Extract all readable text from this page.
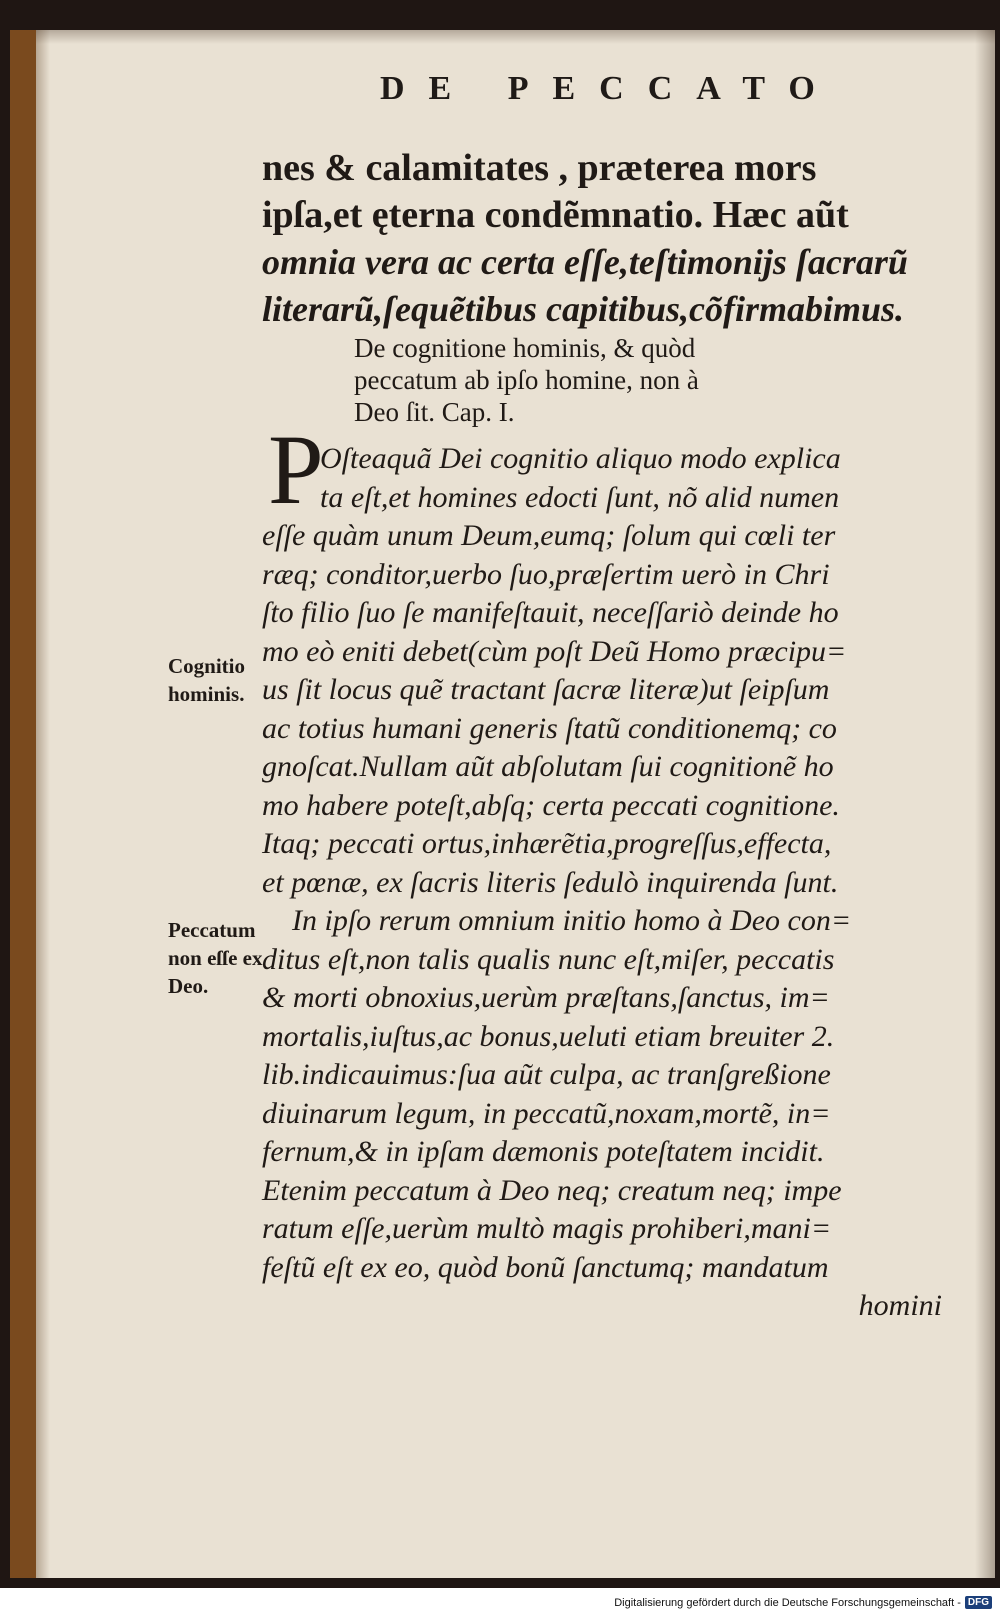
DE PECCATO
nes & calamitates , præterea mors
ipſa,et ęterna condẽmnatio. Hæc aũt
omnia vera ac certa eſſe,teſtimonijs ſacrarũ
literarũ,ſequẽtibus capitibus,cõfirmabimus.
De cognitione hominis, & quòd
peccatum ab ipſo homine, non à
Deo ſit. Cap. I.
P
Oſteaquã Dei cognitio aliquo modo explica
ta eſt,et homines edocti ſunt, nõ alid numen
eſſe quàm unum Deum,eumq; ſolum qui cœli ter
ræq; conditor,uerbo ſuo,præſertim uerò in Chri
ſto filio ſuo ſe manifeſtauit, neceſſariò deinde ho
mo eò eniti debet(cùm poſt Deũ Homo præcipu=
us ſit locus quẽ tractant ſacræ literæ)ut ſeipſum
ac totius humani generis ſtatũ conditionemq; co
gnoſcat.Nullam aũt abſolutam ſui cognitionẽ ho
mo habere poteſt,abſq; certa peccati cognitione.
Itaq; peccati ortus,inhærẽtia,progreſſus,effecta,
et pœnæ, ex ſacris literis ſedulò inquirenda ſunt.
In ipſo rerum omnium initio homo à Deo con=
ditus eſt,non talis qualis nunc eſt,miſer, peccatis
& morti obnoxius,uerùm præſtans,ſanctus, im=
mortalis,iuſtus,ac bonus,ueluti etiam breuiter 2.
lib.indicauimus:ſua aũt culpa, ac tranſgreßione
diuinarum legum, in peccatũ,noxam,mortẽ, in=
fernum,& in ipſam dæmonis poteſtatem incidit.
Etenim peccatum à Deo neq; creatum neq; impe
ratum eſſe,uerùm multò magis prohiberi,mani=
feſtũ eſt ex eo, quòd bonũ ſanctumq; mandatum
homini
Cognitio
hominis.
Peccatum
non eſſe ex
Deo.
Digitalisierung gefördert durch die Deutsche Forschungsgemeinschaft - DFG
